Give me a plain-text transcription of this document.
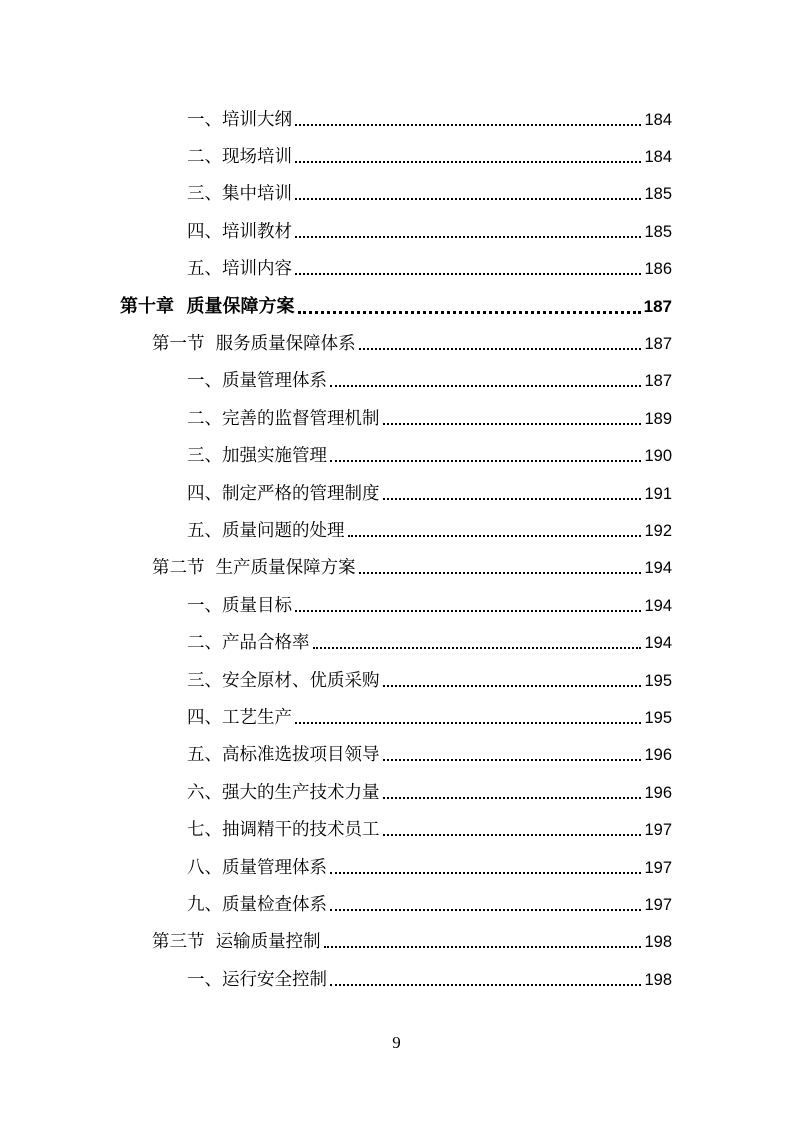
一、培训大纲	184
二、现场培训	184
三、集中培训	185
四、培训教材	185
五、培训内容	186
第十章  质量保障方案	187
第一节  服务质量保障体系	187
一、质量管理体系	187
二、完善的监督管理机制	189
三、加强实施管理	190
四、制定严格的管理制度	191
五、质量问题的处理	192
第二节  生产质量保障方案	194
一、质量目标	194
二、产品合格率	194
三、安全原材、优质采购	195
四、工艺生产	195
五、高标准选拔项目领导	196
六、强大的生产技术力量	196
七、抽调精干的技术员工	197
八、质量管理体系	197
九、质量检查体系	197
第三节  运输质量控制	198
一、运行安全控制	198
9
